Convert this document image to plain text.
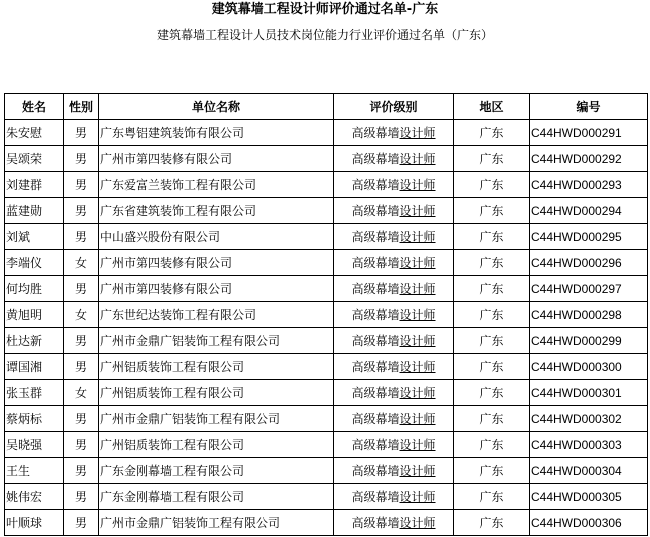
建筑幕墙工程设计师评价通过名单-广东
建筑幕墙工程设计人员技术岗位能力行业评价通过名单（广东）
姓名	性别	单位名称	评价级别	地区	编号
朱安慰	男	广东粤铝建筑装饰有限公司	高级幕墙设计师	广东	C44HWD000291
吴颂荣	男	广州市第四装修有限公司	高级幕墙设计师	广东	C44HWD000292
刘建群	男	广东爱富兰装饰工程有限公司	高级幕墙设计师	广东	C44HWD000293
蓝建勋	男	广东省建筑装饰工程有限公司	高级幕墙设计师	广东	C44HWD000294
刘斌	男	中山盛兴股份有限公司	高级幕墙设计师	广东	C44HWD000295
李端仪	女	广州市第四装修有限公司	高级幕墙设计师	广东	C44HWD000296
何均胜	男	广州市第四装修有限公司	高级幕墙设计师	广东	C44HWD000297
黄旭明	女	广东世纪达装饰工程有限公司	高级幕墙设计师	广东	C44HWD000298
杜达新	男	广州市金鼎广铝装饰工程有限公司	高级幕墙设计师	广东	C44HWD000299
谭国湘	男	广州铝质装饰工程有限公司	高级幕墙设计师	广东	C44HWD000300
张玉群	女	广州铝质装饰工程有限公司	高级幕墙设计师	广东	C44HWD000301
蔡炳标	男	广州市金鼎广铝装饰工程有限公司	高级幕墙设计师	广东	C44HWD000302
吴晓强	男	广州铝质装饰工程有限公司	高级幕墙设计师	广东	C44HWD000303
王生	男	广东金刚幕墙工程有限公司	高级幕墙设计师	广东	C44HWD000304
姚伟宏	男	广东金刚幕墙工程有限公司	高级幕墙设计师	广东	C44HWD000305
叶顺球	男	广州市金鼎广铝装饰工程有限公司	高级幕墙设计师	广东	C44HWD000306
